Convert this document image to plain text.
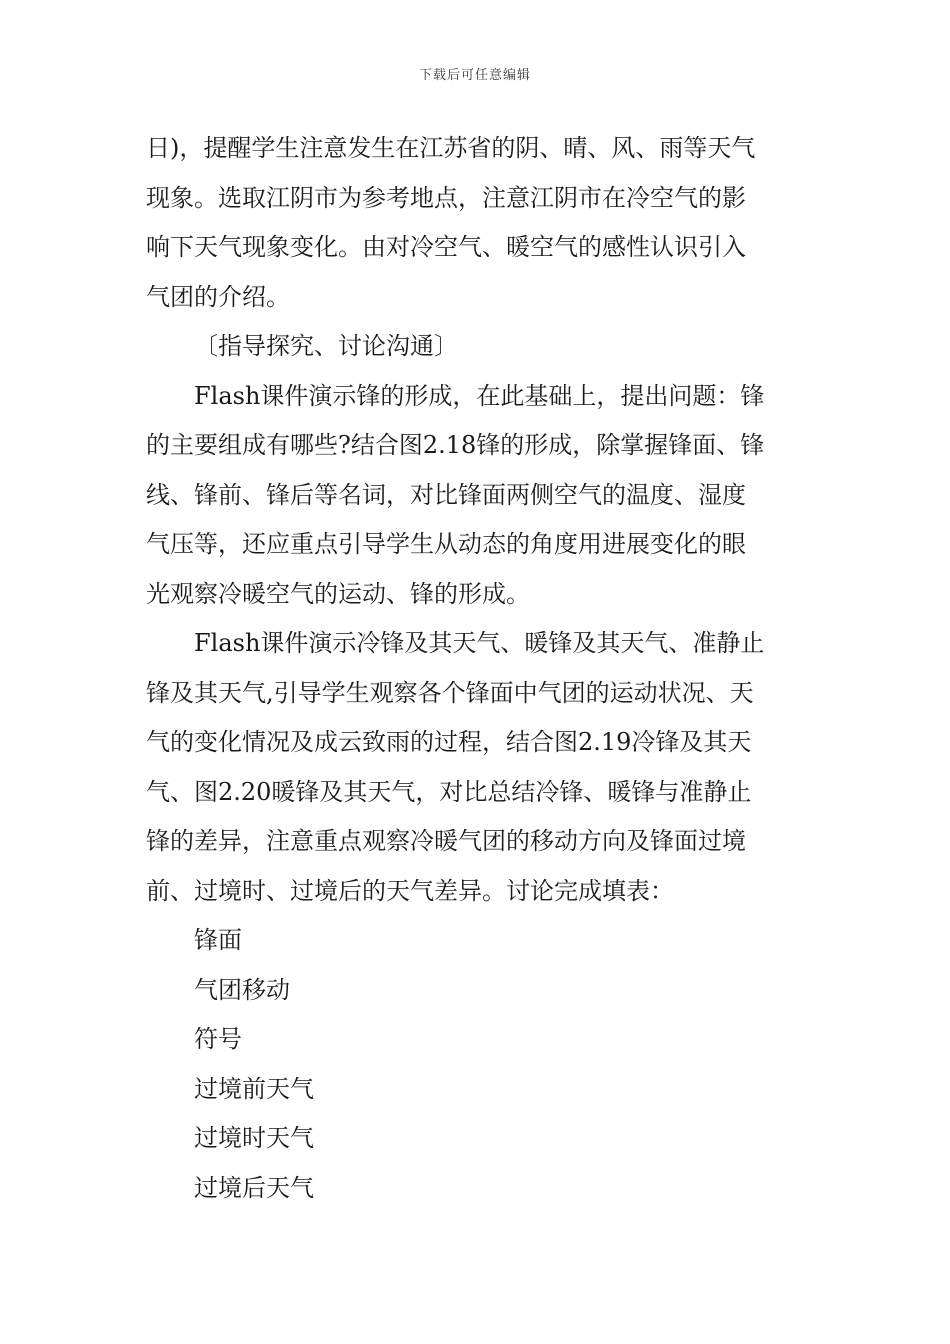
下载后可任意编辑
日)，提醒学生注意发生在江苏省的阴、晴、风、雨等天气
现象。选取江阴市为参考地点，注意江阴市在冷空气的影
响下天气现象变化。由对冷空气、暖空气的感性认识引入
气团的介绍。
〔指导探究、讨论沟通〕
Flash课件演示锋的形成，在此基础上，提出问题：锋
的主要组成有哪些?结合图2.18锋的形成，除掌握锋面、锋
线、锋前、锋后等名词，对比锋面两侧空气的温度、湿度
气压等，还应重点引导学生从动态的角度用进展变化的眼
光观察冷暖空气的运动、锋的形成。
Flash课件演示冷锋及其天气、暖锋及其天气、准静止
锋及其天气,引导学生观察各个锋面中气团的运动状况、天
气的变化情况及成云致雨的过程，结合图2.19冷锋及其天
气、图2.20暖锋及其天气，对比总结冷锋、暖锋与准静止
锋的差异，注意重点观察冷暖气团的移动方向及锋面过境
前、过境时、过境后的天气差异。讨论完成填表：
锋面
气团移动
符号
过境前天气
过境时天气
过境后天气
